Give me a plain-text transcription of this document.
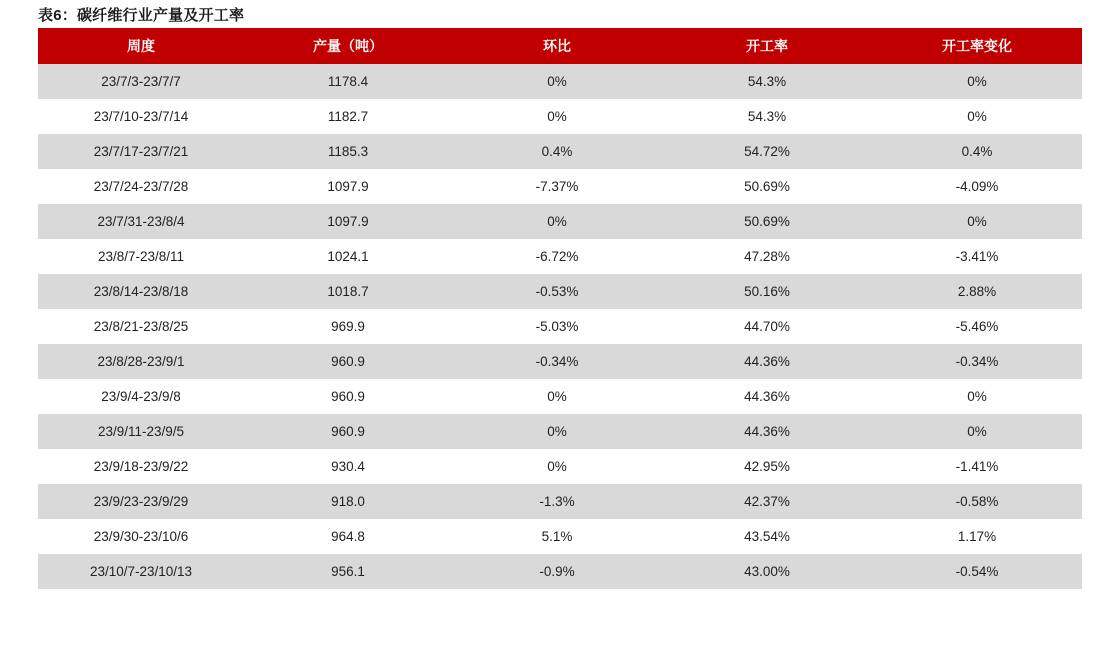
表6：碳纤维行业产量及开工率
周度	产量（吨）	环比	开工率	开工率变化
23/7/3-23/7/7	1178.4	0%	54.3%	0%
23/7/10-23/7/14	1182.7	0%	54.3%	0%
23/7/17-23/7/21	1185.3	0.4%	54.72%	0.4%
23/7/24-23/7/28	1097.9	-7.37%	50.69%	-4.09%
23/7/31-23/8/4	1097.9	0%	50.69%	0%
23/8/7-23/8/11	1024.1	-6.72%	47.28%	-3.41%
23/8/14-23/8/18	1018.7	-0.53%	50.16%	2.88%
23/8/21-23/8/25	969.9	-5.03%	44.70%	-5.46%
23/8/28-23/9/1	960.9	-0.34%	44.36%	-0.34%
23/9/4-23/9/8	960.9	0%	44.36%	0%
23/9/11-23/9/5	960.9	0%	44.36%	0%
23/9/18-23/9/22	930.4	0%	42.95%	-1.41%
23/9/23-23/9/29	918.0	-1.3%	42.37%	-0.58%
23/9/30-23/10/6	964.8	5.1%	43.54%	1.17%
23/10/7-23/10/13	956.1	-0.9%	43.00%	-0.54%
